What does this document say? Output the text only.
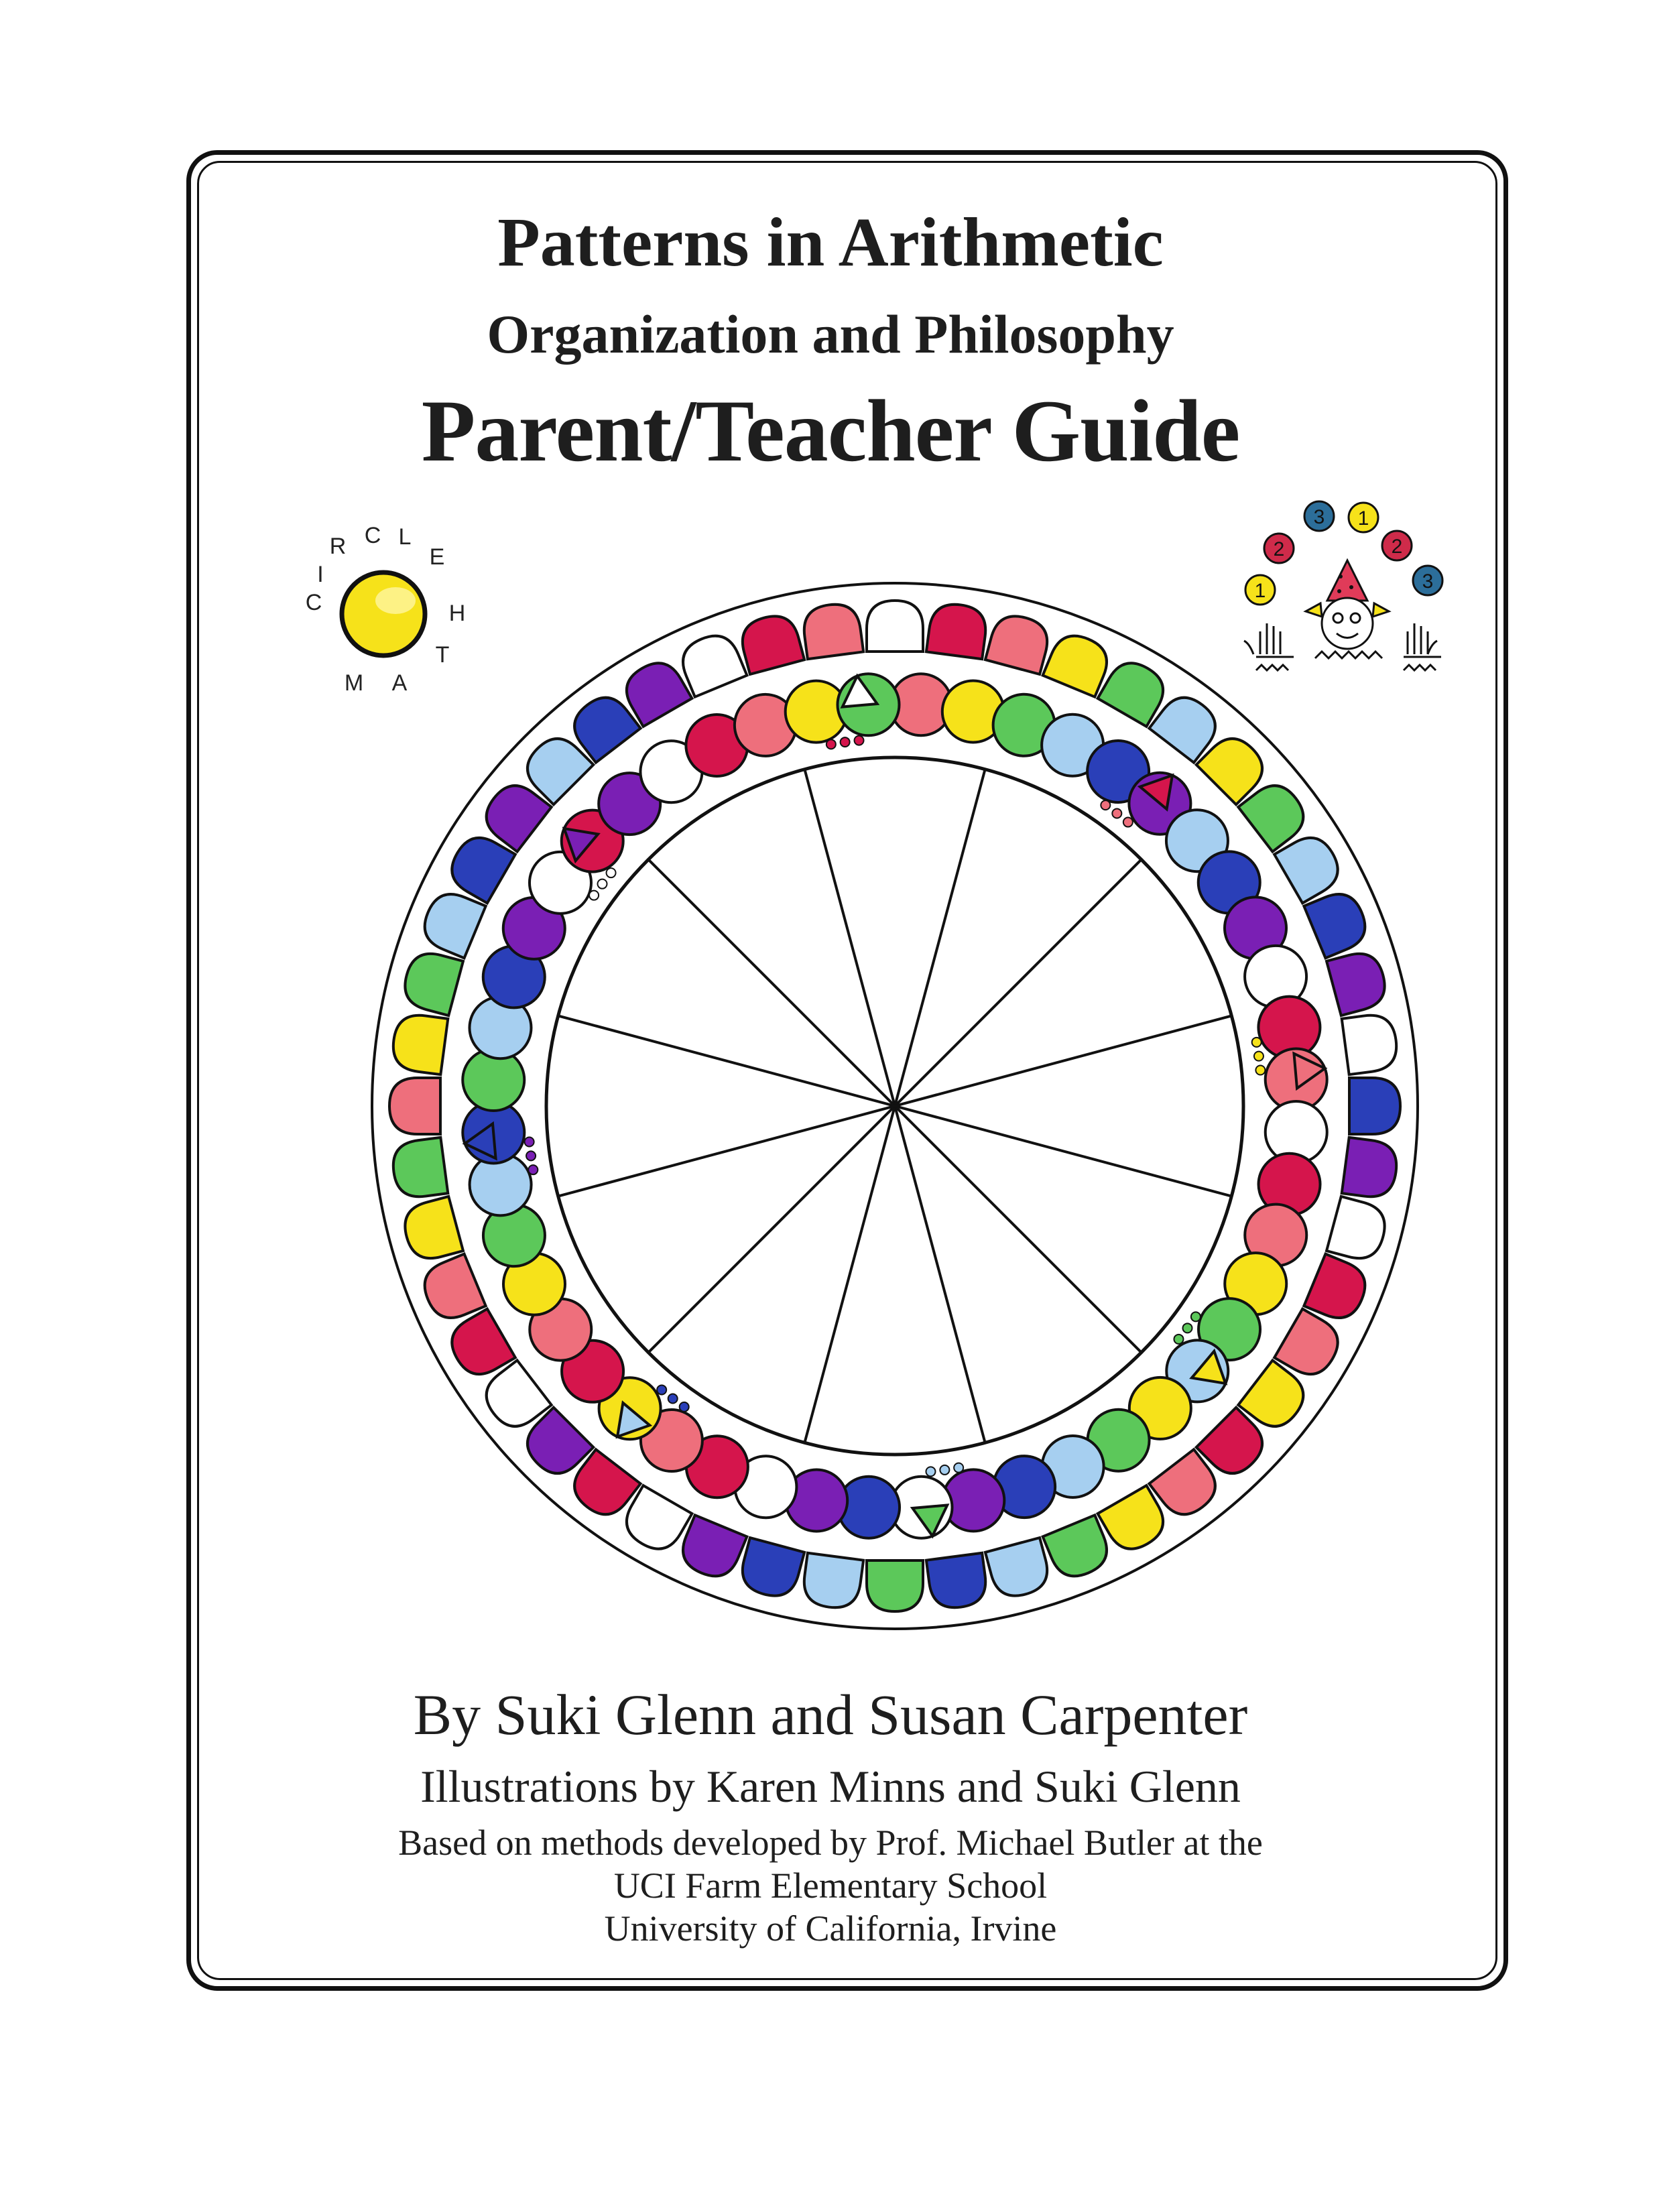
Patterns in Arithmetic
Organization and Philosophy
Parent/Teacher Guide
C
I
R C L
E
H
T
A
M
1
2
3 1
2
3
By Suki Glenn and Susan Carpenter
Illustrations by Karen Minns and Suki Glenn
Based on methods developed by Prof. Michael Butler at the
UCI Farm Elementary School
University of California, Irvine
